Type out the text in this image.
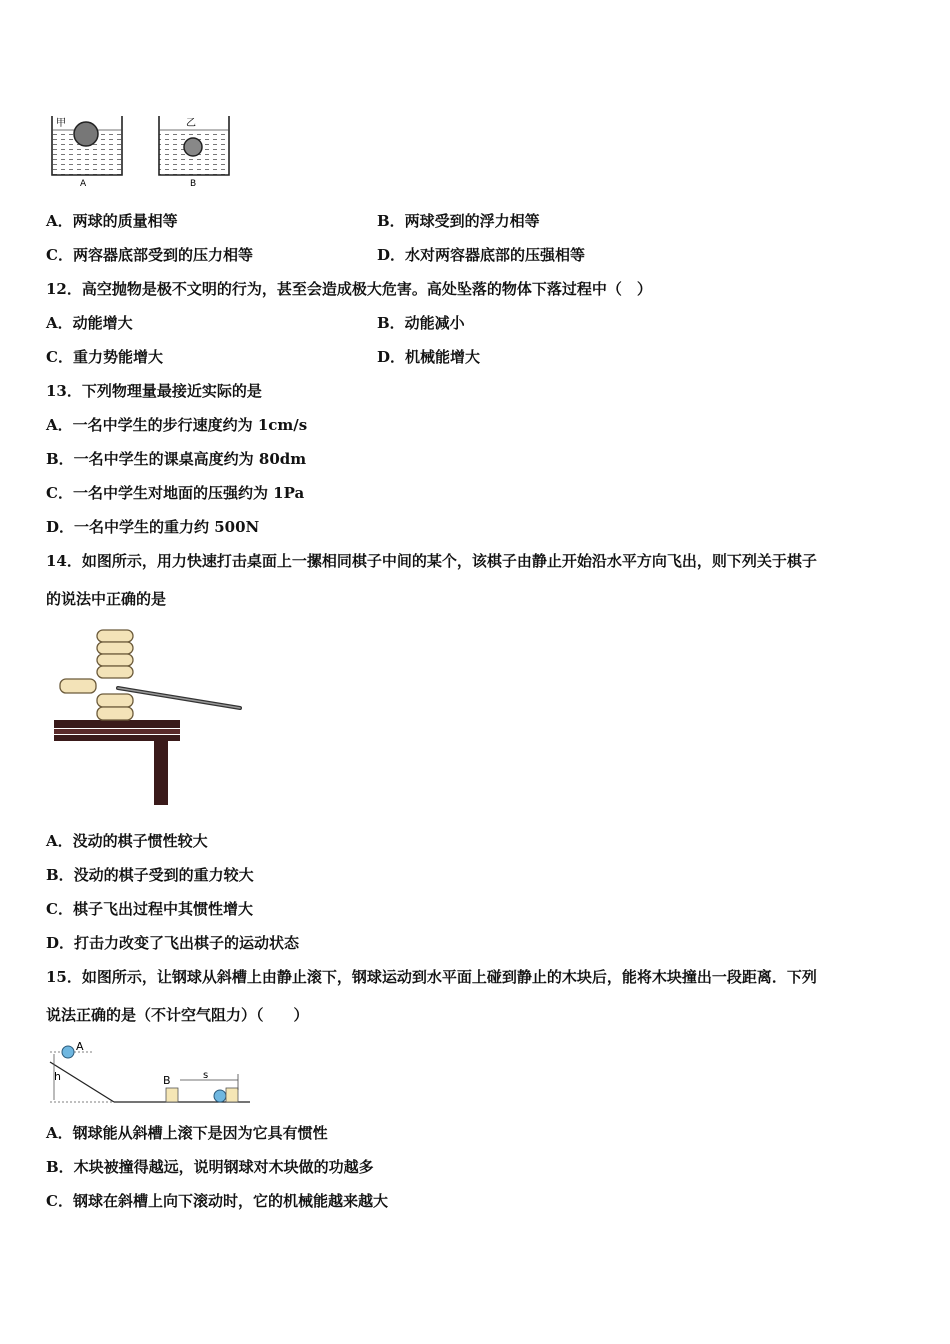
甲
A
乙
B
A．两球的质量相等	B．两球受到的浮力相等
C．两容器底部受到的压力相等	D．水对两容器底部的压强相等
12．高空抛物是极不文明的行为，甚至会造成极大危害。高处坠落的物体下落过程中（　）
A．动能增大	B．动能减小
C．重力势能增大	D．机械能增大
13．下列物理量最接近实际的是
A．一名中学生的步行速度约为 1cm/s
B．一名中学生的课桌高度约为 80dm
C．一名中学生对地面的压强约为 1Pa
D．一名中学生的重力约 500N
14．如图所示，用力快速打击桌面上一摞相同棋子中间的某个，该棋子由静止开始沿水平方向飞出，则下列关于棋子
的说法中正确的是
A．没动的棋子惯性较大
B．没动的棋子受到的重力较大
C．棋子飞出过程中其惯性增大
D．打击力改变了飞出棋子的运动状态
15．如图所示，让钢球从斜槽上由静止滚下，钢球运动到水平面上碰到静止的木块后，能将木块撞出一段距离．下列
说法正确的是（不计空气阻力）（　　）
A
h	B	s
A．钢球能从斜槽上滚下是因为它具有惯性
B．木块被撞得越远，说明钢球对木块做的功越多
C．钢球在斜槽上向下滚动时，它的机械能越来越大
